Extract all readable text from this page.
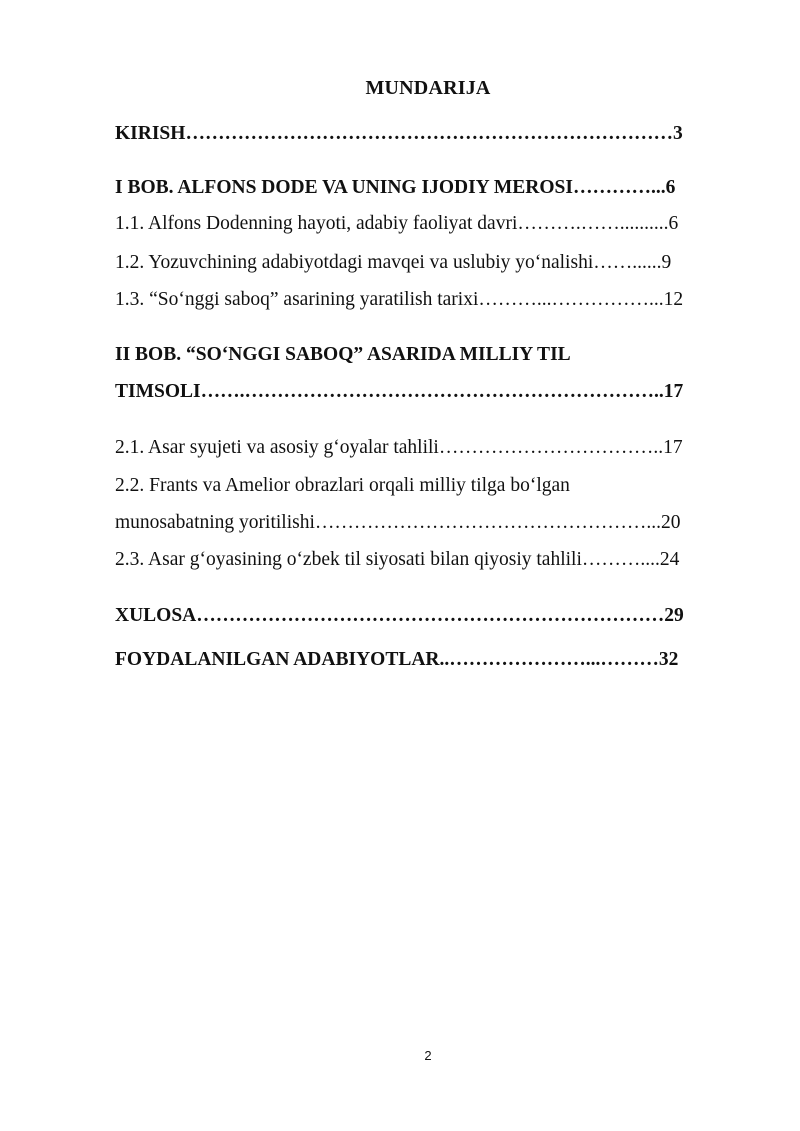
MUNDARIJA
KIRISH…………………………………………………………………3
I BOB. ALFONS DODE VA UNING IJODIY MEROSI…………...6
1.1. Alfons Dodenning hayoti, adabiy faoliyat davri……….……..........6
1.2. Yozuvchining adabiyotdagi mavqei va uslubiy yo‘nalishi……......9
1.3. “So‘nggi saboq” asarining yaratilish tarixi………...……………...12
II BOB. “SO‘NGGI SABOQ” ASARIDA MILLIY TIL
TIMSOLI…….………………………………………………………..17
2.1. Asar syujeti va asosiy g‘oyalar tahlili……………………………..17
2.2. Frants va Amelior obrazlari orqali milliy tilga bo‘lgan
munosabatning yoritilishi……………………………………………...20
2.3. Asar g‘oyasining o‘zbek til siyosati bilan qiyosiy tahlili………....24
XULOSA………………………………………………………………29
FOYDALANILGAN ADABIYOTLAR..…………………...………32
2
